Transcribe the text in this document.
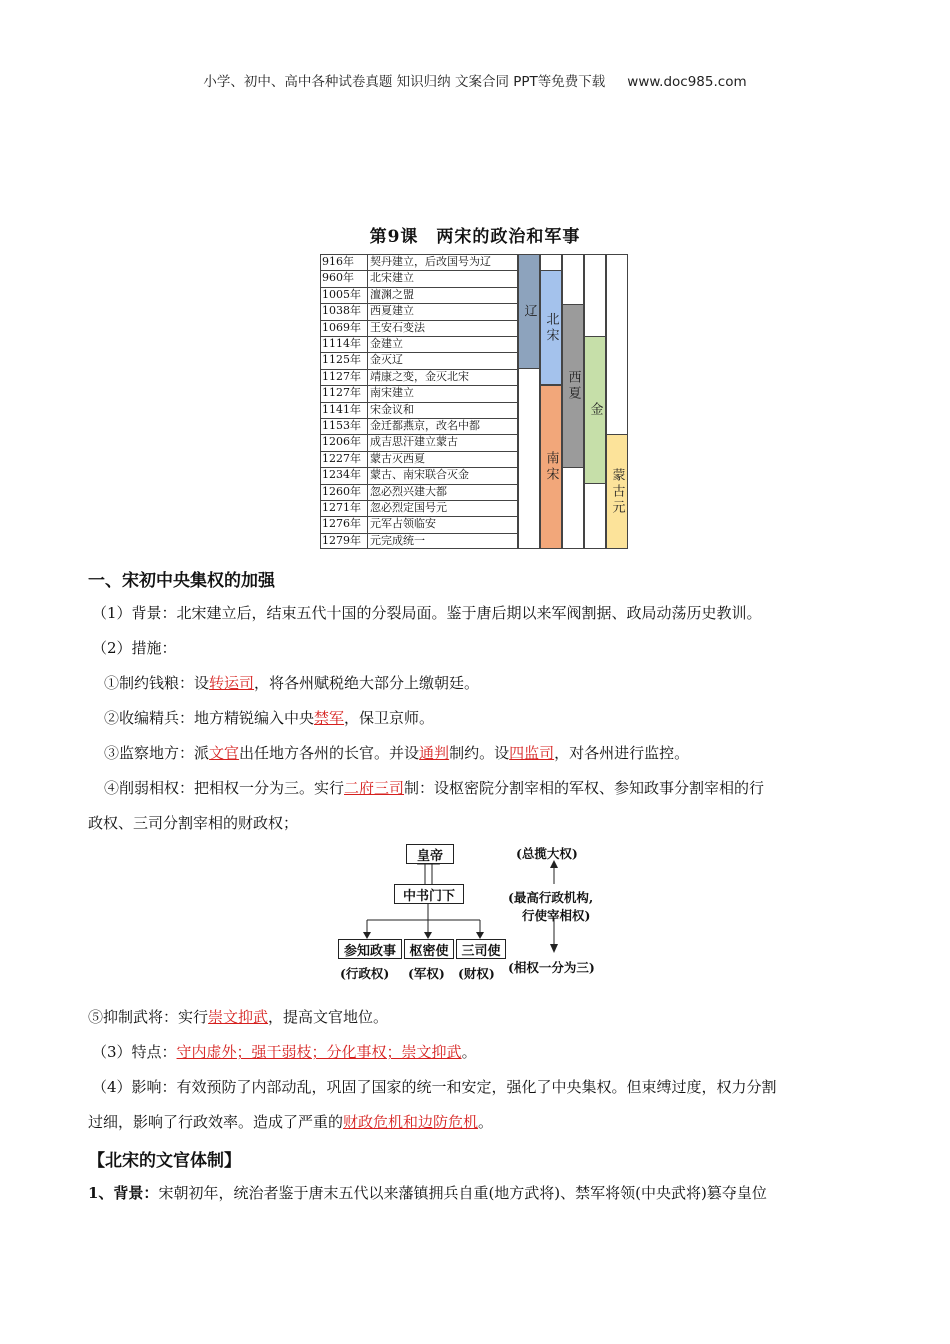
小学、初中、高中各种试卷真题 知识归纳 文案合同 PPT等免费下载 www.doc985.com
第9课　两宋的政治和军事
916年	契丹建立，后改国号为辽
960年	北宋建立
1005年 澶渊之盟
1038年 西夏建立
1069年 王安石变法
1114年 金建立
1125年 金灭辽
1127年 靖康之变，金灭北宋
1127年 南宋建立
1141年 宋金议和
1153年 金迁都燕京，改名中都
1206年 成吉思汗建立蒙古
1227年 蒙古灭西夏
1234年 蒙古、南宋联合灭金
1260年 忽必烈兴建大都
1271年 忽必烈定国号元
1276年 元军占领临安
1279年 元完成统一
辽 北宋
南宋
西夏
金
蒙古元
一、宋初中央集权的加强
（1）背景：北宋建立后，结束五代十国的分裂局面。鉴于唐后期以来军阀割据、政局动荡历史教训。
（2）措施：
①制约钱粮：设转运司，将各州赋税绝大部分上缴朝廷。
②收编精兵：地方精锐编入中央禁军，保卫京师。
③监察地方：派文官出任地方各州的长官。并设通判制约。设四监司，对各州进行监控。
④削弱相权：把相权一分为三。实行二府三司制：设枢密院分割宰相的军权、参知政事分割宰相的行
政权、三司分割宰相的财政权；
皇帝
中书门下
参知政事	枢密使 三司使
(行政权) (军权) (财权)
(总揽大权)
(最高行政机构,
行使宰相权)
(相权一分为三)
⑤抑制武将：实行崇文抑武，提高文官地位。
（3）特点：守内虚外；强干弱枝；分化事权；崇文抑武。
（4）影响：有效预防了内部动乱，巩固了国家的统一和安定，强化了中央集权。但束缚过度，权力分割
过细，影响了行政效率。造成了严重的财政危机和边防危机。
【北宋的文官体制】
1、背景：宋朝初年，统治者鉴于唐末五代以来藩镇拥兵自重(地方武将)、禁军将领(中央武将)篡夺皇位
